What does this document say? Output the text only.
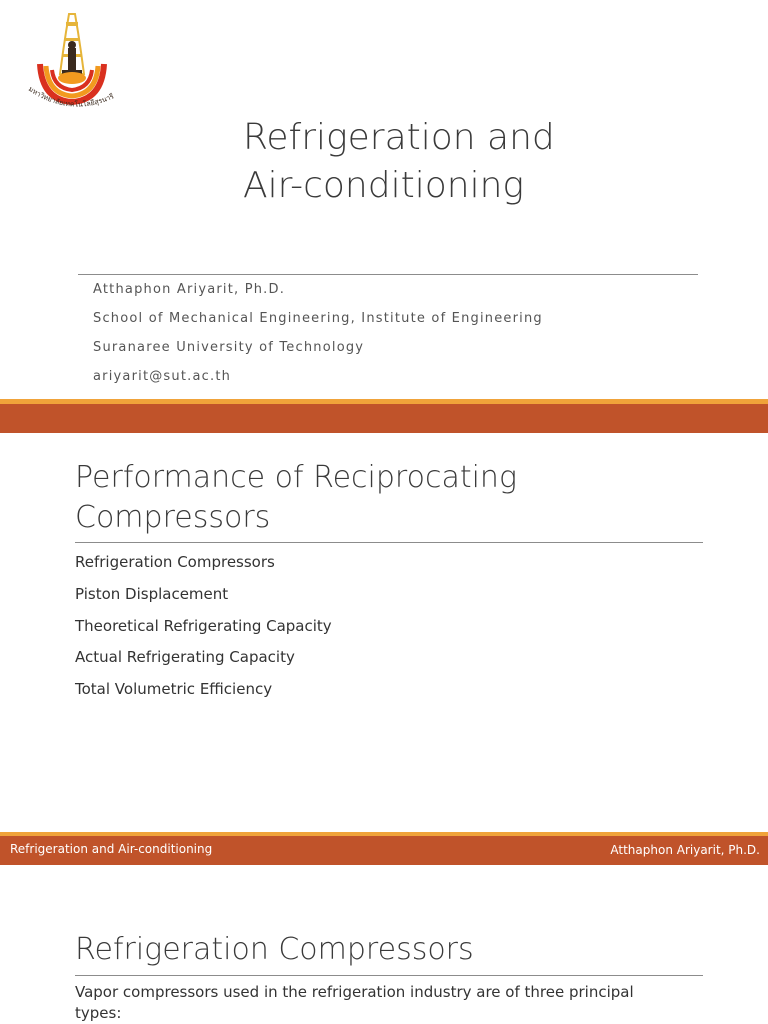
มหาวิทยาลัยเทคโนโลยีสุรนารี
Refrigeration and
Air-conditioning
Atthaphon Ariyarit, Ph.D.
School of Mechanical Engineering, Institute of Engineering
Suranaree University of Technology
ariyarit@sut.ac.th
Performance of Reciprocating
Compressors
Refrigeration Compressors
Piston Displacement
Theoretical Refrigerating Capacity
Actual Refrigerating Capacity
Total Volumetric Efficiency
Refrigeration and Air-conditioning	Atthaphon Ariyarit, Ph.D.
Refrigeration Compressors

Vapor compressors used in the refrigeration industry are of three principal types:
